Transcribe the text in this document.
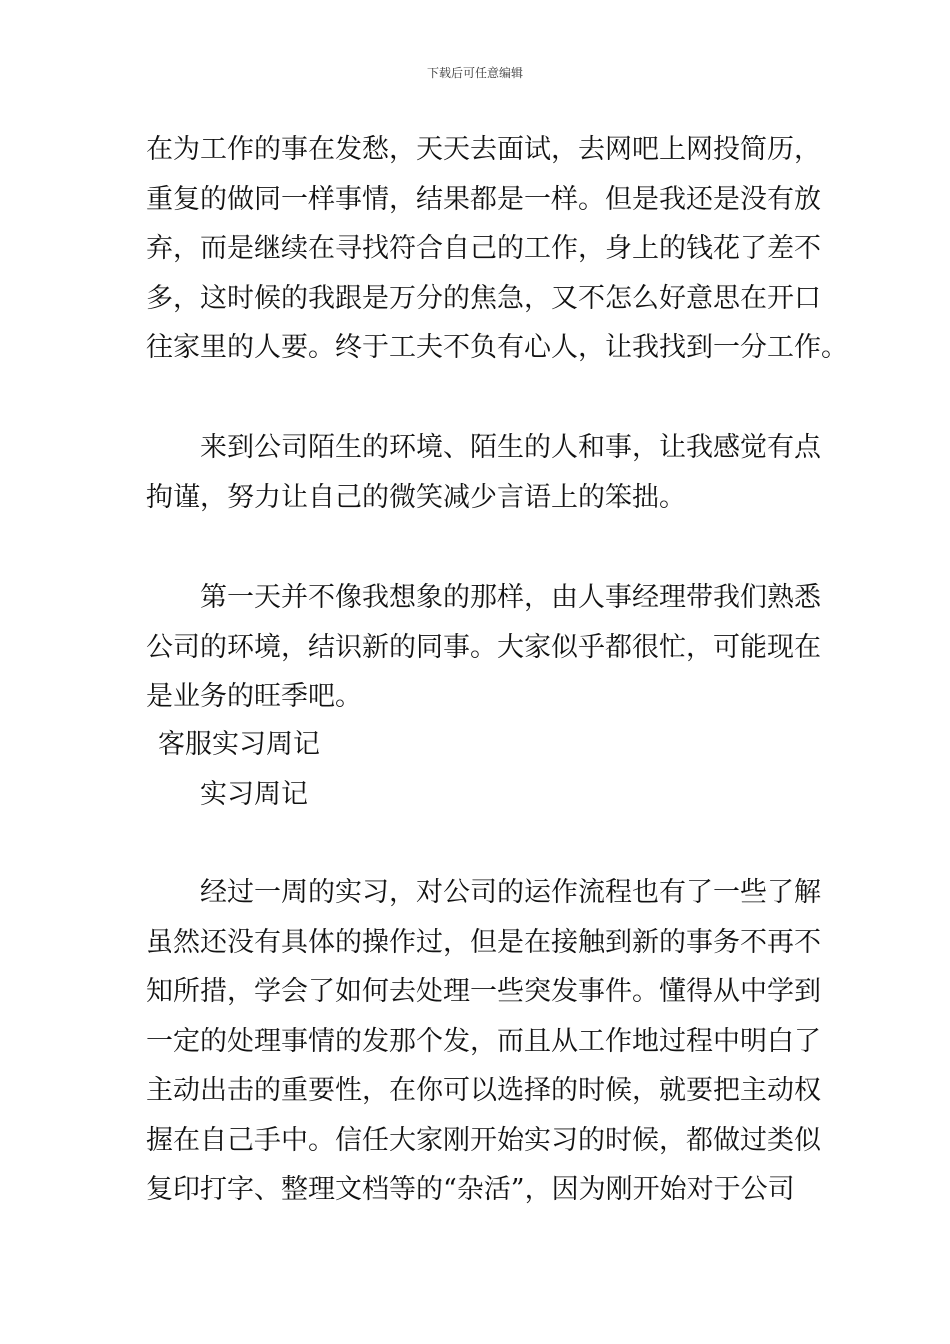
下载后可任意编辑
在为工作的事在发愁，天天去面试，去网吧上网投简历，
重复的做同一样事情，结果都是一样。但是我还是没有放
弃，而是继续在寻找符合自己的工作，身上的钱花了差不
多，这时候的我跟是万分的焦急，又不怎么好意思在开口
往家里的人要。终于工夫不负有心人，让我找到一分工作。
来到公司陌生的环境、陌生的人和事，让我感觉有点
拘谨，努力让自己的微笑减少言语上的笨拙。
第一天并不像我想象的那样，由人事经理带我们熟悉
公司的环境，结识新的同事。大家似乎都很忙，可能现在
是业务的旺季吧。
客服实习周记
实习周记
经过一周的实习，对公司的运作流程也有了一些了解
虽然还没有具体的操作过，但是在接触到新的事务不再不
知所措，学会了如何去处理一些突发事件。懂得从中学到
一定的处理事情的发那个发，而且从工作地过程中明白了
主动出击的重要性，在你可以选择的时候，就要把主动权
握在自己手中。信任大家刚开始实习的时候，都做过类似
复印打字、整理文档等的“杂活”，因为刚开始对于公司
